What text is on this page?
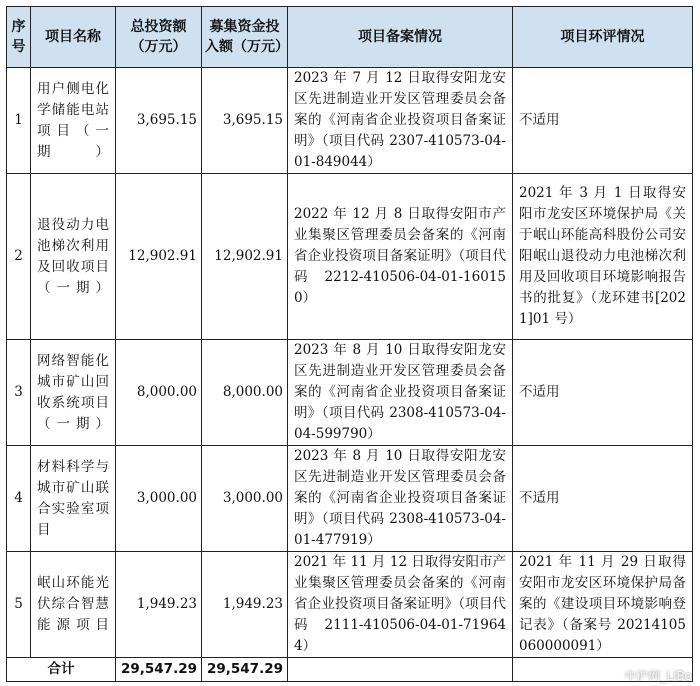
序号	项目名称	总投资额（万元）	募集资金投入额（万元）	项目备案情况	项目环评情况
1	用户侧电化学储能电站项目（一期）	3,695.15	3,695.15	2023 年 7 月 12 日取得安阳龙安区先进制造业开发区管理委员会备案的《河南省企业投资项目备案证明》（项目代码 2307-410573-04-01-849044）	不适用
2	退役动力电池梯次利用及回收项目（一期）	12,902.91	12,902.91	2022 年 12 月 8 日取得安阳市产业集聚区管理委员会备案的《河南省企业投资项目备案证明》（项目代码 2212-410506-04-01-160150）	2021 年 3 月 1 日取得安阳市龙安区环境保护局《关于岷山环能高科股份公司安阳岷山退役动力电池梯次利用及回收项目环境影响报告书的批复》（龙环建书[2021]01 号）
3	网络智能化城市矿山回收系统项目（一期）	8,000.00	8,000.00	2023 年 8 月 10 日取得安阳龙安区先进制造业开发区管理委员会备案的《河南省企业投资项目备案证明》（项目代码 2308-410573-04-04-599790）	不适用
4	材料科学与城市矿山联合实验室项目	3,000.00	3,000.00	2023 年 8 月 10 日取得安阳龙安区先进制造业开发区管理委员会备案的《河南省企业投资项目备案证明》（项目代码 2308-410573-04-01-477919）	不适用
5	岷山环能光伏综合智慧能源项目	1,949.23	1,949.23	2021 年 11 月 12 日取得安阳市产业集聚区管理委员会备案的《河南省企业投资项目备案证明》（项目代码 2111-410506-04-01-719644）	2021 年 11 月 29 日取得安阳市龙安区环境保护局备案的《建设项目环境影响登记表》（备案号 20214105060000091）
合计		29,547.29	29,547.29			中沪网_LiBo
